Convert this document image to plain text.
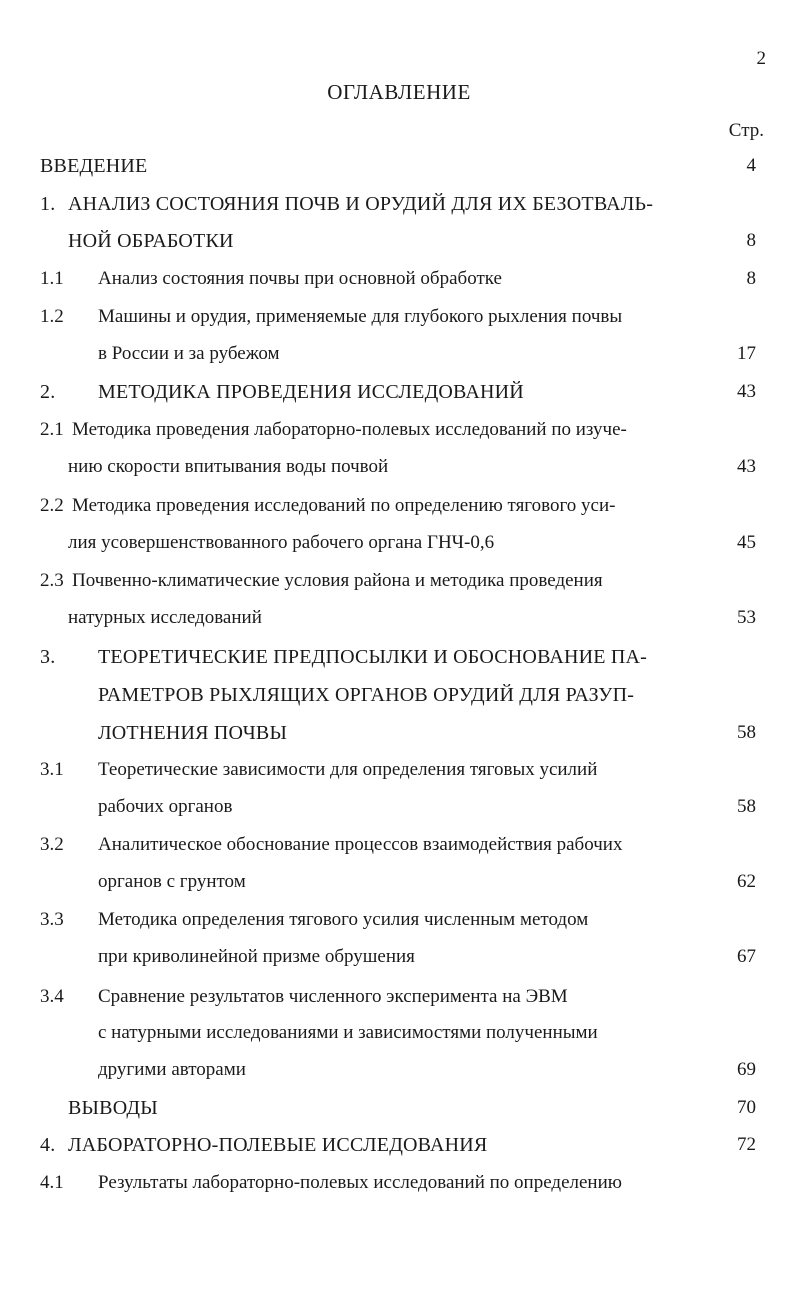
2
ОГЛАВЛЕНИЕ
Стр.
ВВЕДЕНИЕ	4
1. АНАЛИЗ СОСТОЯНИЯ ПОЧВ И ОРУДИЙ ДЛЯ ИХ БЕЗОТВАЛЬ-
НОЙ ОБРАБОТКИ	8
1.1 Анализ состояния почвы при основной обработке	8
1.2 Машины и орудия, применяемые для глубокого рыхления почвы
в России и за рубежом	17
2. МЕТОДИКА ПРОВЕДЕНИЯ ИССЛЕДОВАНИЙ	43
2.1 Методика проведения лабораторно-полевых исследований по изуче-
нию скорости впитывания воды почвой	43
2.2 Методика проведения исследований по определению тягового уси-
лия усовершенствованного рабочего органа ГНЧ-0,6	45
2.3 Почвенно-климатические условия района и методика проведения
натурных исследований	53
3. ТЕОРЕТИЧЕСКИЕ ПРЕДПОСЫЛКИ И ОБОСНОВАНИЕ ПА-
РАМЕТРОВ РЫХЛЯЩИХ ОРГАНОВ ОРУДИЙ ДЛЯ РАЗУП-
ЛОТНЕНИЯ ПОЧВЫ	58
3.1 Теоретические зависимости для определения тяговых усилий
рабочих органов	58
3.2 Аналитическое обоснование процессов взаимодействия рабочих
органов с грунтом	62
3.3 Методика определения тягового усилия численным методом
при криволинейной призме обрушения	67
3.4 Сравнение результатов численного эксперимента на ЭВМ
с натурными исследованиями и зависимостями полученными
другими авторами	69
ВЫВОДЫ	70
4. ЛАБОРАТОРНО-ПОЛЕВЫЕ ИССЛЕДОВАНИЯ	72
4.1 Результаты лабораторно-полевых исследований по определению
